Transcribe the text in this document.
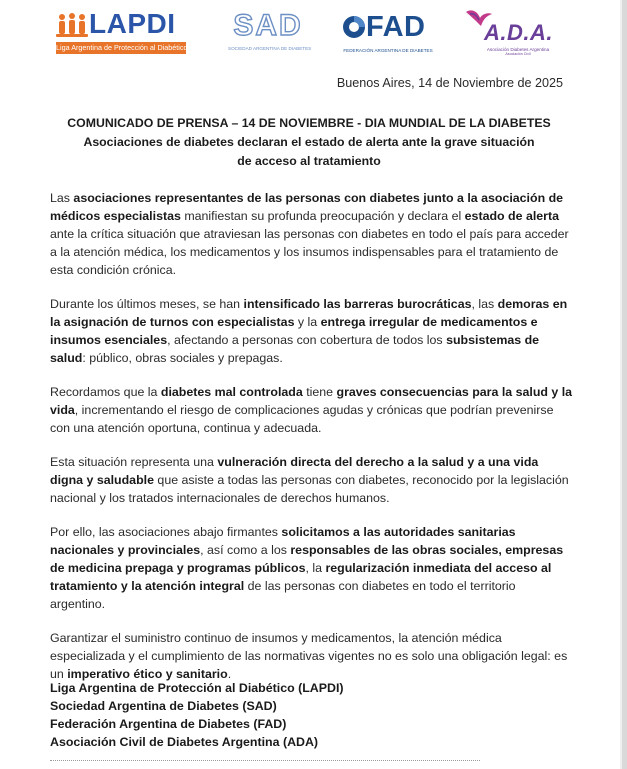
LAPDI
Liga Argentina de Protección al Diabético
SAD
SOCIEDAD ARGENTINA DE DIABETES
FAD
FEDERACIÓN ARGENTINA DE DIABETES
A.D.A.
Asociación Diabetes Argentina
Asociación Civil
Buenos Aires, 14 de Noviembre de 2025
COMUNICADO DE PRENSA – 14 DE NOVIEMBRE - DIA MUNDIAL DE LA DIABETES
Asociaciones de diabetes declaran el estado de alerta ante la grave situación
de acceso al tratamiento

Las asociaciones representantes de las personas con diabetes junto a la asociación de médicos especialistas manifiestan su profunda preocupación y declara el estado de alerta ante la crítica situación que atraviesan las personas con diabetes en todo el país para acceder a la atención médica, los medicamentos y los insumos indispensables para el tratamiento de esta condición crónica.

Durante los últimos meses, se han intensificado las barreras burocráticas, las demoras en la asignación de turnos con especialistas y la entrega irregular de medicamentos e insumos esenciales, afectando a personas con cobertura de todos los subsistemas de salud: público, obras sociales y prepagas.

Recordamos que la diabetes mal controlada tiene graves consecuencias para la salud y la vida, incrementando el riesgo de complicaciones agudas y crónicas que podrían prevenirse con una atención oportuna, continua y adecuada.

Esta situación representa una vulneración directa del derecho a la salud y a una vida digna y saludable que asiste a todas las personas con diabetes, reconocido por la legislación nacional y los tratados internacionales de derechos humanos.

Por ello, las asociaciones abajo firmantes solicitamos a las autoridades sanitarias nacionales y provinciales, así como a los responsables de las obras sociales, empresas de medicina prepaga y programas públicos, la regularización inmediata del acceso al tratamiento y la atención integral de las personas con diabetes en todo el territorio argentino.

Garantizar el suministro continuo de insumos y medicamentos, la atención médica especializada y el cumplimiento de las normativas vigentes no es solo una obligación legal: es un imperativo ético y sanitario.

Liga Argentina de Protección al Diabético (LAPDI)
Sociedad Argentina de Diabetes (SAD)
Federación Argentina de Diabetes (FAD)
Asociación Civil de Diabetes Argentina (ADA)
